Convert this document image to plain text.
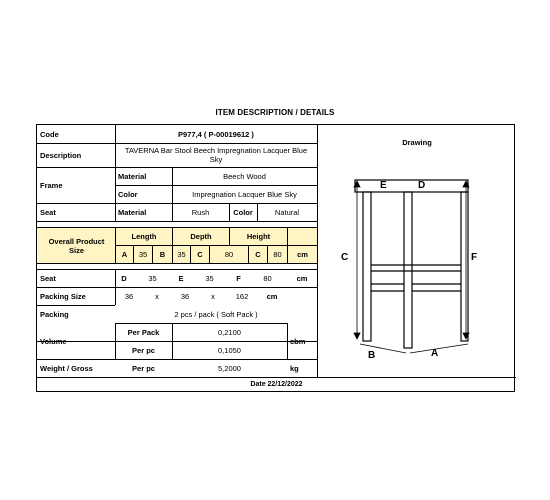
ITEM DESCRIPTION / DETAILS
Code	P977,4 ( P-00019612 )
Description	TAVERNA Bar Stool Beech Impregnation Lacquer Blue Sky
Frame
Material	Beech Wood
Color	Impregnation Lacquer Blue Sky
Seat	Material	Rush	Color	Natural
Overall Product Size
Length	Depth	Height
A	35	B	35	C	80	C	80	cm
Seat	D	35	E	35	F	80	cm
Packing Size	36	x	36	x	162	cm
Packing	2 pcs / pack ( Soft Pack )
Volume
Per Pack	0,2100
Per pc	0,1050
cbm
Weight / Gross	Per pc	5,2000	kg
Date 22/12/2022
Drawing
C	F
E	D
B	A
